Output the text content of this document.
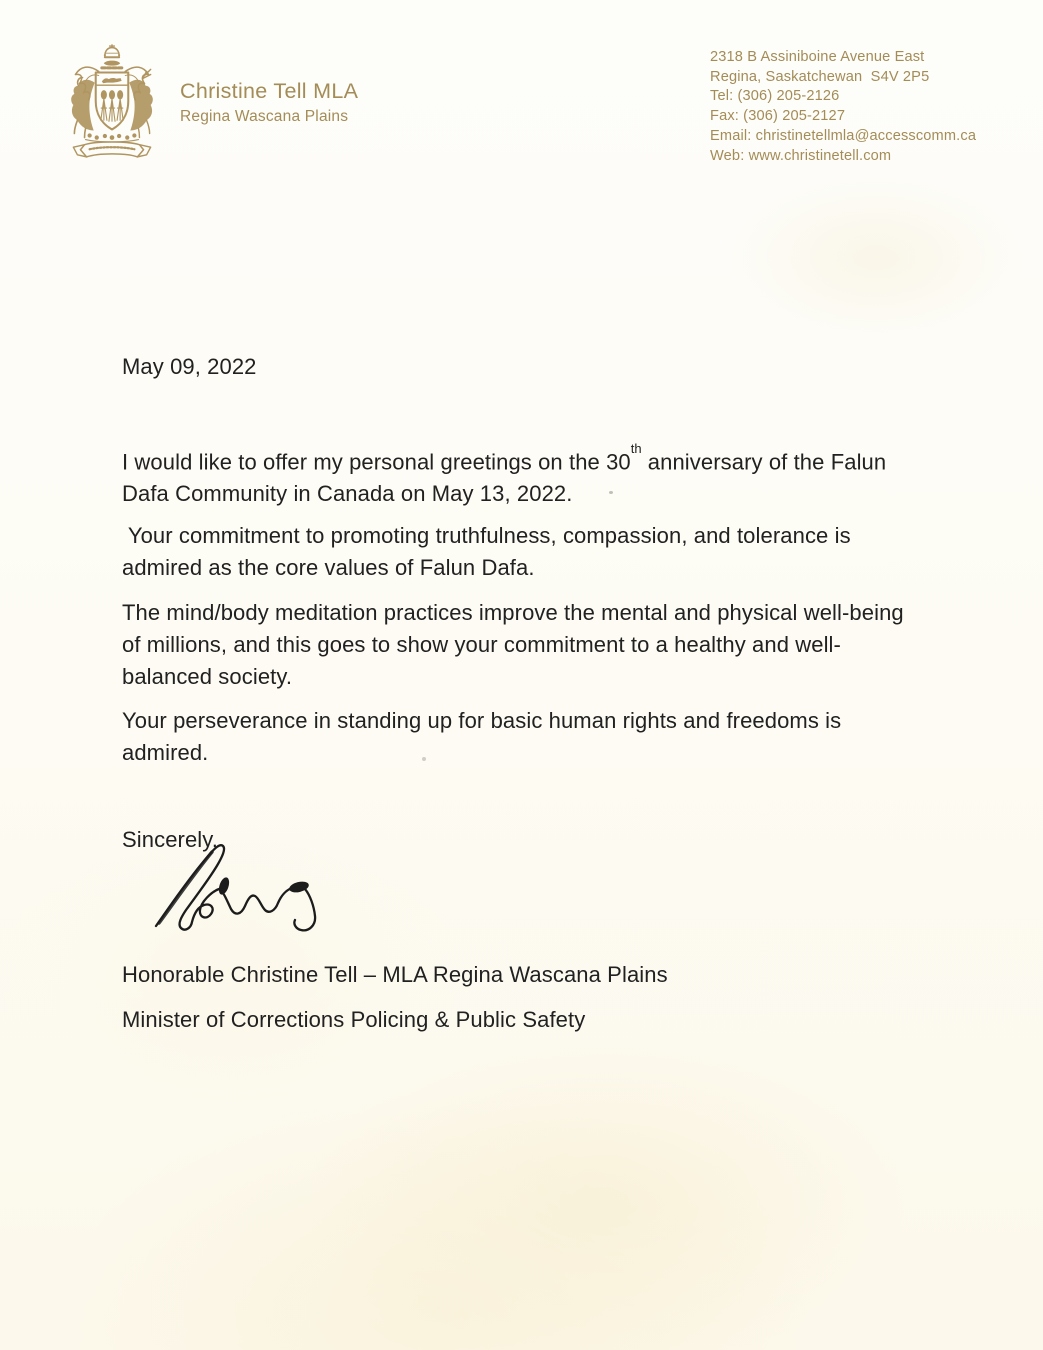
Christine Tell MLA
Regina Wascana Plains
2318 B Assiniboine Avenue East
Regina, Saskatchewan  S4V 2P5
Tel: (306) 205-2126
Fax: (306) 205-2127
Email: christinetellmla@accesscomm.ca
Web: www.christinetell.com
May 09, 2022
I would like to offer my personal greetings on the 30th anniversary of the Falun
Dafa Community in Canada on May 13, 2022.
Your commitment to promoting truthfulness, compassion, and tolerance is
admired as the core values of Falun Dafa.
The mind/body meditation practices improve the mental and physical well-being
of millions, and this goes to show your commitment to a healthy and well-
balanced society.
Your perseverance in standing up for basic human rights and freedoms is
admired.
Sincerely,
Honorable Christine Tell – MLA Regina Wascana Plains
Minister of Corrections Policing & Public Safety
